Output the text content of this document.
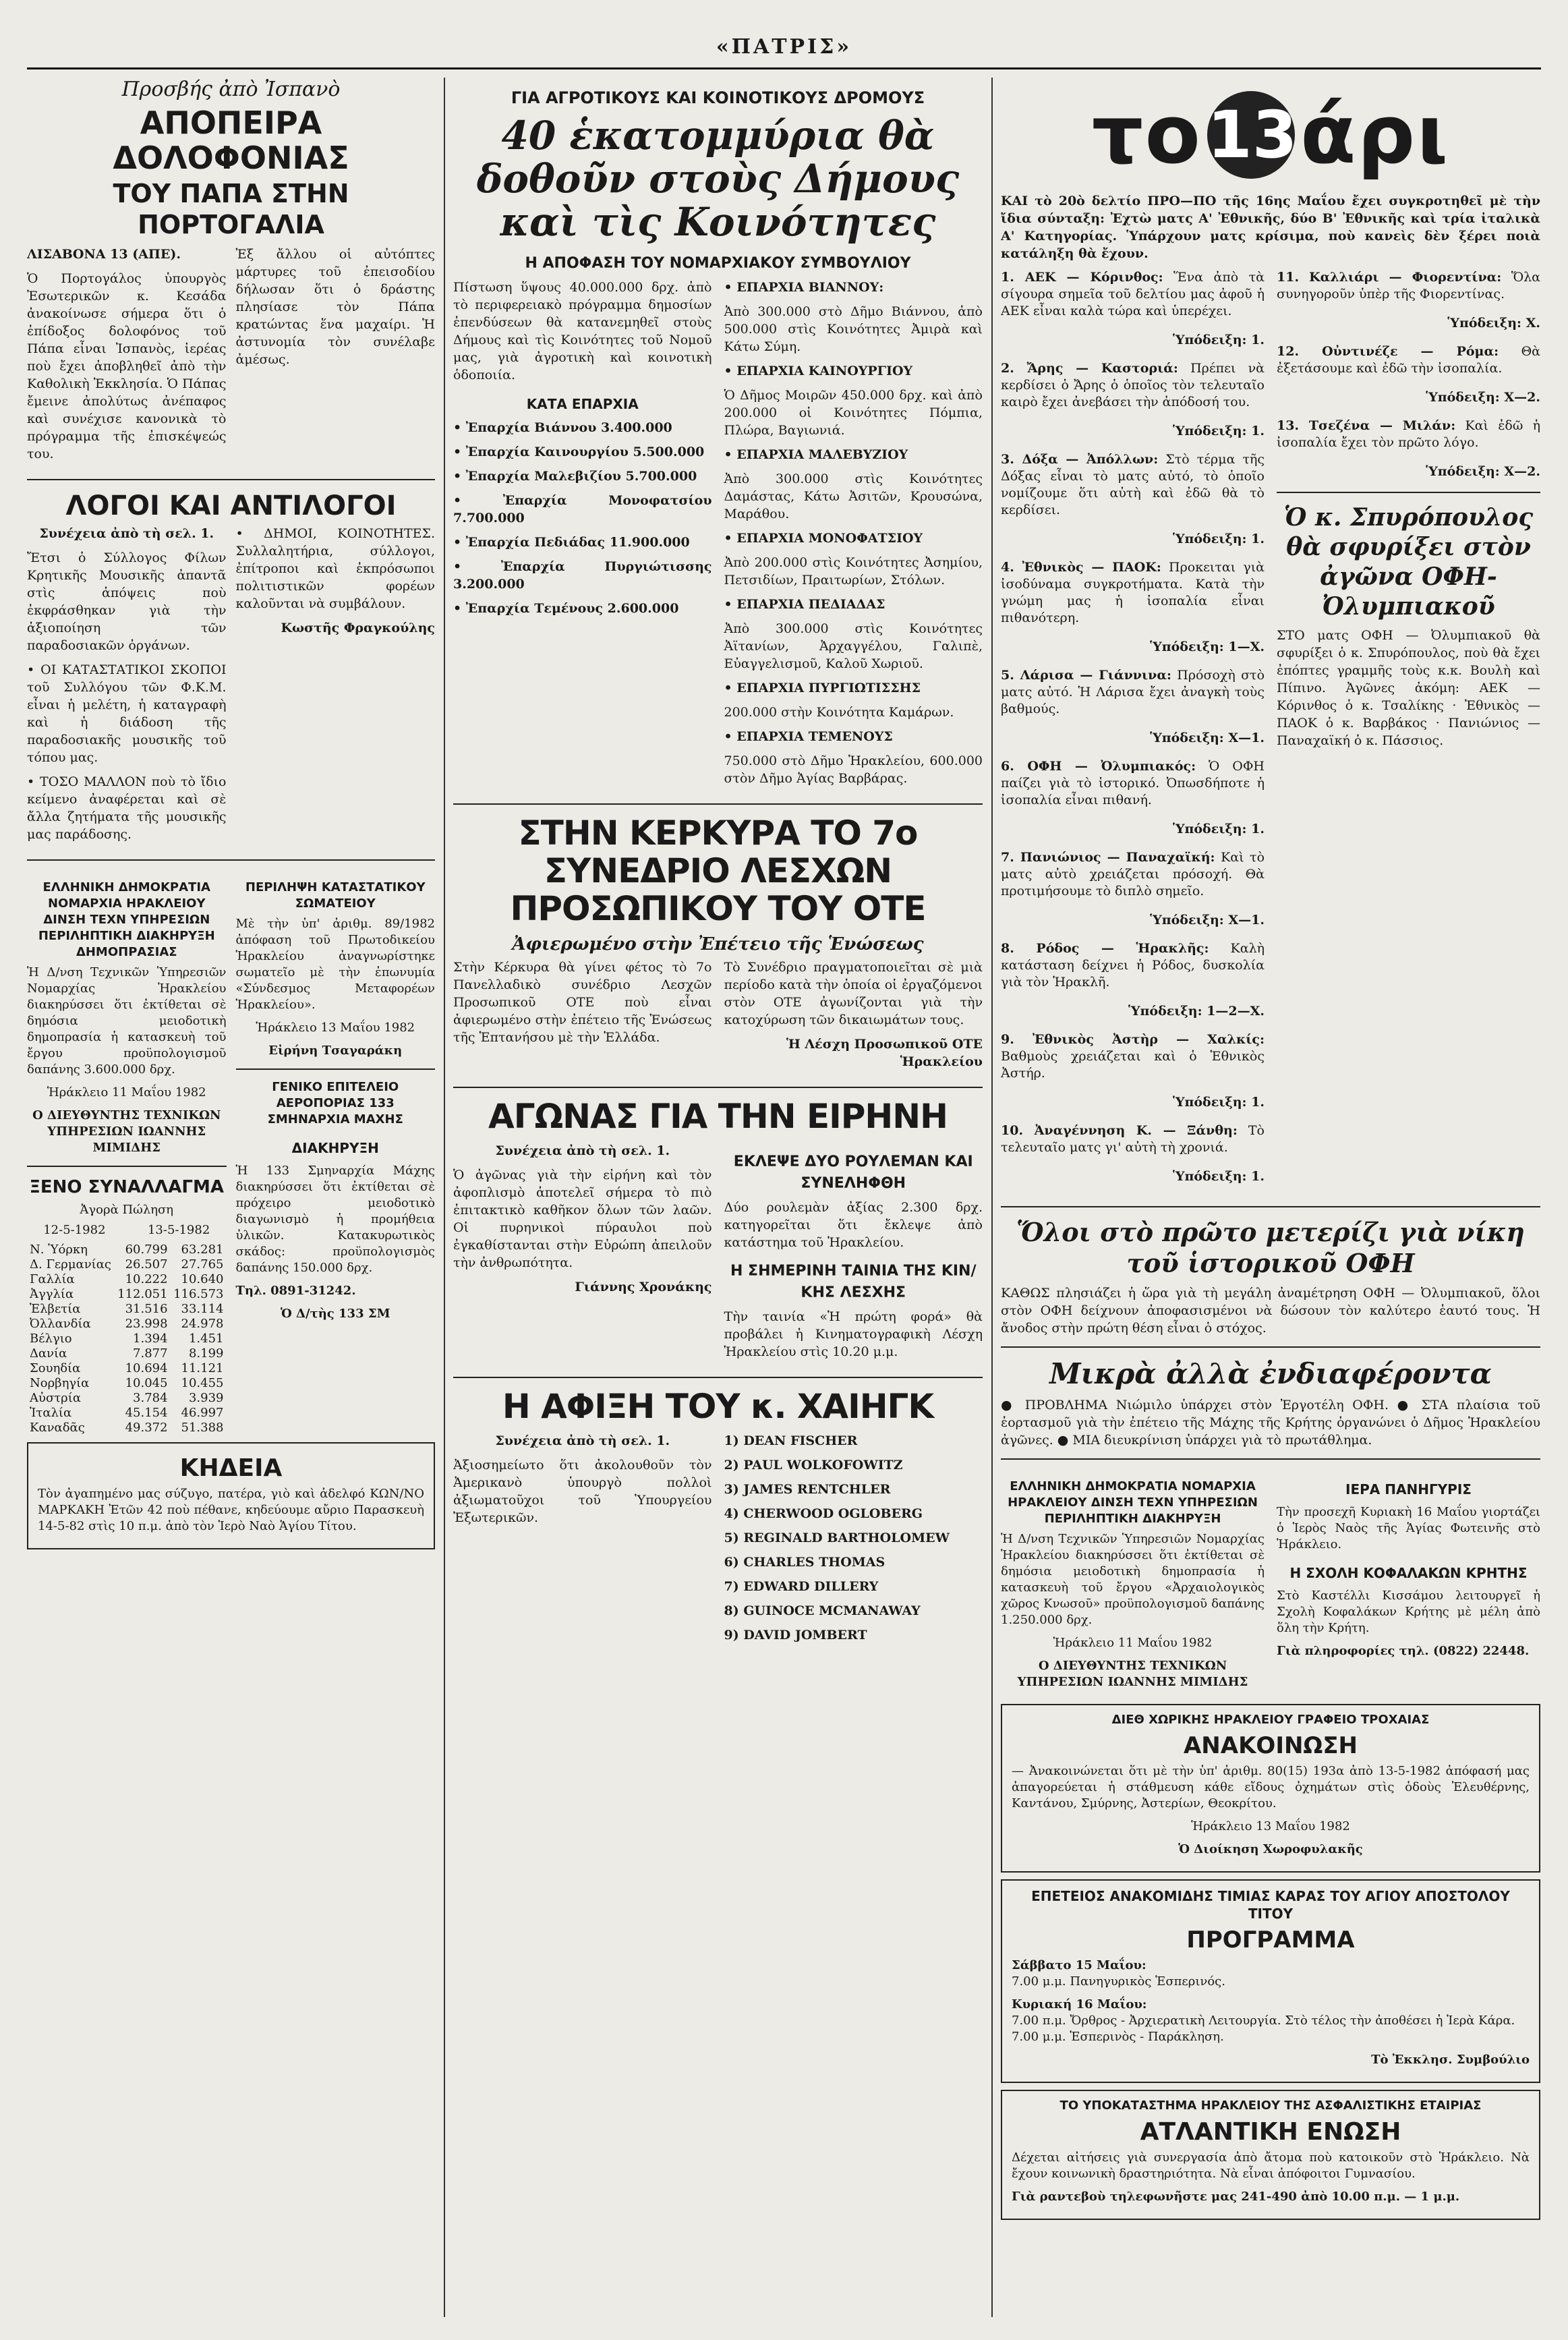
«ΠΑΤΡΙΣ»
Προσβής ἀπὸ Ἰσπανὸ
ΑΠΟΠΕΙΡΑ ΔΟΛΟΦΟΝΙΑΣ
ΤΟΥ ΠΑΠΑ ΣΤΗΝ ΠΟΡΤΟΓΑΛΙΑ

ΛΙΣΑΒΟΝΑ 13 (ΑΠΕ).

Ὁ Πορτογάλος ὑπουργὸς Ἐσωτερικῶν κ. Κεσάδα ἀνακοίνωσε σήμερα ὅτι ὁ ἐπίδοξος δολοφόνος τοῦ Πάπα εἶναι Ἰσπανὸς, ἰερέας ποὺ ἔχει ἀποβληθεῖ ἀπὸ τὴν Καθολικὴ Ἐκκλησία. Ὁ Πάπας ἔμεινε ἀπολύτως ἀνέπαφος καὶ συνέχισε κανονικὰ τὸ πρόγραμμα τῆς ἐπισκέψεώς του.

Ἐξ ἄλλου οἱ αὐτόπτες μάρτυρες τοῦ ἐπεισοδίου δήλωσαν ὅτι ὁ δράστης πλησίασε τὸν Πάπα κρατώντας ἕνα μαχαίρι. Ἡ ἀστυνομία τὸν συνέλαβε ἀμέσως.

ΛΟΓΟΙ ΚΑΙ ΑΝΤΙΛΟΓΟΙ

Συνέχεια ἀπὸ τὴ σελ. 1.

Ἔτσι ὁ Σύλλογος Φίλων Κρητικῆς Μουσικῆς ἀπαντᾶ στὶς ἀπόψεις ποὺ ἐκφράσθηκαν γιὰ τὴν ἀξιοποίηση τῶν παραδοσιακῶν ὀργάνων.

• ΟΙ ΚΑΤΑΣΤΑΤΙΚΟΙ ΣΚΟΠΟΙ τοῦ Συλλόγου τῶν Φ.Κ.Μ. εἶναι ἡ μελέτη, ἡ καταγραφὴ καὶ ἡ διάδοση τῆς παραδοσιακῆς μουσικῆς τοῦ τόπου μας.

• ΤΟΣΟ ΜΑΛΛΟΝ ποὺ τὸ ἴδιο κείμενο ἀναφέρεται καὶ σὲ ἄλλα ζητήματα τῆς μουσικῆς μας παράδοσης.

• ΔΗΜΟΙ, ΚΟΙΝΟΤΗΤΕΣ. Συλλαλητήρια, σύλλογοι, ἐπίτροποι καὶ ἐκπρόσωποι πολιτιστικῶν φορέων καλοῦνται νὰ συμβάλουν.

Κωστῆς Φραγκούλης

ΕΛΛΗΝΙΚΗ ΔΗΜΟΚΡΑΤΙΑ ΝΟΜΑΡΧΙΑ ΗΡΑΚΛΕΙΟΥ ΔΙΝΣΗ ΤΕΧΝ ΥΠΗΡΕΣΙΩΝ ΠΕΡΙΛΗΠΤΙΚΗ ΔΙΑΚΗΡΥΞΗ ΔΗΜΟΠΡΑΣΙΑΣ

Ἡ Δ/νση Τεχνικῶν Ὑπηρεσιῶν Νομαρχίας Ἡρακλείου διακηρύσσει ὅτι ἐκτίθεται σὲ δημόσια μειοδοτικὴ δημοπρασία ἡ κατασκευὴ τοῦ ἔργου προϋπολογισμοῦ δαπάνης 3.600.000 δρχ.

Ἡράκλειο 11 Μαΐου 1982

Ο ΔΙΕΥΘΥΝΤΗΣ ΤΕΧΝΙΚΩΝ ΥΠΗΡΕΣΙΩΝ ΙΩΑΝΝΗΣ ΜΙΜΙΔΗΣ

ΞΕΝΟ ΣΥΝΑΛΛΑΓΜΑ
Ἀγορὰ Πώληση
12-5-1982	13-5-1982
Ν. Ὑόρκη	60.799	63.281
Δ. Γερμανίας	26.507	27.765
Γαλλία	10.222	10.640
Ἀγγλία	112.051	116.573
Ἑλβετία	31.516	33.114
Ὀλλανδία	23.998	24.978
Βέλγιο	1.394	1.451
Δανία	7.877	8.199
Σουηδία	10.694	11.121
Νορβηγία	10.045	10.455
Αὐστρία	3.784	3.939
Ἰταλία	45.154	46.997
Καναδᾶς	49.372	51.388
ΠΕΡΙΛΗΨΗ ΚΑΤΑΣΤΑΤΙΚΟΥ ΣΩΜΑΤΕΙΟΥ

Μὲ τὴν ὑπ' ἀριθμ. 89/1982 ἀπόφαση τοῦ Πρωτοδικείου Ἡρακλείου ἀναγνωρίστηκε σωματεῖο μὲ τὴν ἐπωνυμία «Σύνδεσμος Μεταφορέων Ἡρακλείου».

Ἡράκλειο 13 Μαΐου 1982

Εἰρήνη Τσαγαράκη

ΓΕΝΙΚΟ ΕΠΙΤΕΛΕΙΟ ΑΕΡΟΠΟΡΙΑΣ 133 ΣΜΗΝΑΡΧΙΑ ΜΑΧΗΣ
ΔΙΑΚΗΡΥΞΗ

Ἡ 133 Σμηναρχία Μάχης διακηρύσσει ὅτι ἐκτίθεται σὲ πρόχειρο μειοδοτικὸ διαγωνισμὸ ἡ προμήθεια ὑλικῶν. Κατακυρωτικὸς σκάδος: προϋπολογισμὸς δαπάνης 150.000 δρχ.

Τηλ. 0891-31242.

Ὁ Δ/τὴς 133 ΣΜ

ΚΗΔΕΙΑ

Τὸν ἀγαπημένο μας σύζυγο, πατέρα, γιὸ καὶ ἀδελφό ΚΩΝ/ΝΟ ΜΑΡΚΑΚΗ Ἐτῶν 42 ποὺ πέθανε, κηδεύουμε αὔριο Παρασκευὴ 14-5-82 στὶς 10 π.μ. ἀπὸ τὸν Ἱερὸ Ναὸ Ἁγίου Τίτου.

ΓΙΑ ΑΓΡΟΤΙΚΟΥΣ ΚΑΙ ΚΟΙΝΟΤΙΚΟΥΣ ΔΡΟΜΟΥΣ
40 ἑκατομμύρια θὰ δοθοῦν στοὺς Δήμους καὶ τὶς Κοινότητες
Η ΑΠΟΦΑΣΗ ΤΟΥ ΝΟΜΑΡΧΙΑΚΟΥ ΣΥΜΒΟΥΛΙΟΥ

Πίστωση ὕψους 40.000.000 δρχ. ἀπὸ τὸ περιφερειακὸ πρόγραμμα δημοσίων ἐπενδύσεων θὰ κατανεμηθεῖ στοὺς Δήμους καὶ τὶς Κοινότητες τοῦ Νομοῦ μας, γιὰ ἀγροτικὴ καὶ κοινοτικὴ ὁδοποιία.

ΚΑΤΑ ΕΠΑΡΧΙΑ

• Ἐπαρχία Βιάννου 3.400.000

• Ἐπαρχία Καινουργίου 5.500.000

• Ἐπαρχία Μαλεβιζίου 5.700.000

• Ἐπαρχία Μονοφατσίου 7.700.000

• Ἐπαρχία Πεδιάδας 11.900.000

• Ἐπαρχία Πυργιώτισσης 3.200.000

• Ἐπαρχία Τεμένους 2.600.000

• ΕΠΑΡΧΙΑ ΒΙΑΝΝΟΥ:

Ἀπὸ 300.000 στὸ Δῆμο Βιάννου, ἀπὸ 500.000 στὶς Κοινότητες Ἀμιρὰ καὶ Κάτω Σύμη.

• ΕΠΑΡΧΙΑ ΚΑΙΝΟΥΡΓΙΟΥ

Ὁ Δῆμος Μοιρῶν 450.000 δρχ. καὶ ἀπὸ 200.000 οἱ Κοινότητες Πόμπια, Πλώρα, Βαγιωνιά.

• ΕΠΑΡΧΙΑ ΜΑΛΕΒΥΖΙΟΥ

Ἀπὸ 300.000 στὶς Κοινότητες Δαμάστας, Κάτω Ἀσιτῶν, Κρουσώνα, Μαράθου.

• ΕΠΑΡΧΙΑ ΜΟΝΟΦΑΤΣΙΟΥ

Ἀπὸ 200.000 στὶς Κοινότητες Ἀσημίου, Πετσιδίων, Πραιτωρίων, Στόλων.

• ΕΠΑΡΧΙΑ ΠΕΔΙΑΔΑΣ

Ἀπὸ 300.000 στὶς Κοινότητες Ἀϊτανίων, Ἀρχαγγέλου, Γαλιπὲ, Εὐαγγελισμοῦ, Καλοῦ Χωριοῦ.

• ΕΠΑΡΧΙΑ ΠΥΡΓΙΩΤΙΣΣΗΣ

200.000 στὴν Κοινότητα Καμάρων.

• ΕΠΑΡΧΙΑ ΤΕΜΕΝΟΥΣ

750.000 στὸ Δῆμο Ἡρακλείου, 600.000 στὸν Δῆμο Ἀγίας Βαρβάρας.

ΣΤΗΝ ΚΕΡΚΥΡΑ ΤΟ 7ο ΣΥΝΕΔΡΙΟ ΛΕΣΧΩΝ ΠΡΟΣΩΠΙΚΟΥ ΤΟΥ ΟΤΕ
Ἀφιερωμένο στὴν Ἐπέτειο τῆς Ἑνώσεως

Στὴν Κέρκυρα θὰ γίνει φέτος τὸ 7ο Πανελλαδικὸ συνέδριο Λεσχῶν Προσωπικοῦ ΟΤΕ ποὺ εἶναι ἀφιερωμένο στὴν ἐπέτειο τῆς Ἑνώσεως τῆς Ἑπτανήσου μὲ τὴν Ἑλλάδα.

Τὸ Συνέδριο πραγματοποιεῖται σὲ μιὰ περίοδο κατὰ τὴν ὁποία οἱ ἐργαζόμενοι στὸν ΟΤΕ ἀγωνίζονται γιὰ τὴν κατοχύρωση τῶν δικαιωμάτων τους.

Ἡ Λέσχη Προσωπικοῦ ΟΤΕ Ἡρακλείου

ΑΓΩΝΑΣ ΓΙΑ ΤΗΝ ΕΙΡΗΝΗ

Συνέχεια ἀπὸ τὴ σελ. 1.

Ὁ ἀγῶνας γιὰ τὴν εἰρήνη καὶ τὸν ἀφοπλισμὸ ἀποτελεῖ σήμερα τὸ πιὸ ἐπιτακτικὸ καθῆκον ὅλων τῶν λαῶν. Οἱ πυρηνικοὶ πύραυλοι ποὺ ἐγκαθίστανται στὴν Εὐρώπη ἀπειλοῦν τὴν ἀνθρωπότητα.

Γιάννης Χρονάκης

ΕΚΛΕΨΕ ΔΥΟ ΡΟΥΛΕΜΑΝ ΚΑΙ ΣΥΝΕΛΗΦΘΗ

Δύο ρουλεμὰν ἀξίας 2.300 δρχ. κατηγορεῖται ὅτι ἔκλεψε ἀπὸ κατάστημα τοῦ Ἡρακλείου.

Η ΣΗΜΕΡΙΝΗ ΤΑΙΝΙΑ ΤΗΣ ΚΙΝ/ΚΗΣ ΛΕΣΧΗΣ

Τὴν ταινία «Ἡ πρώτη φορά» θὰ προβάλει ἡ Κινηματογραφικὴ Λέσχη Ἡρακλείου στὶς 10.20 μ.μ.

Η ΑΦΙΞΗ ΤΟΥ κ. ΧΑΙΗΓΚ

Συνέχεια ἀπὸ τὴ σελ. 1.

Ἀξιοσημείωτο ὅτι ἀκολουθοῦν τὸν Ἀμερικανὸ ὑπουργὸ πολλοὶ ἀξιωματοῦχοι τοῦ Ὑπουργείου Ἐξωτερικῶν.

1) DEAN FISCHER

2) PAUL WOLKOFOWITZ

3) JAMES RENTCHLER

4) CHERWOOD OGLOBERG

5) REGINALD BARTHOLOMEW

6) CHARLES THOMAS

7) EDWARD DILLERY

8) GUINOCE MCMANAWAY

9) DAVID JOMBERT

το 13 άρι

ΚΑΙ τὸ 20ὸ δελτίο ΠΡΟ—ΠΟ τῆς 16ης Μαΐου ἔχει συγκροτηθεῖ μὲ τὴν ἴδια σύνταξη: Ἐχτὼ ματς Α' Ἐθνικῆς, δύο Β' Ἐθνικῆς καὶ τρία ἰταλικὰ Α' Κατηγορίας. Ὑπάρχουν ματς κρίσιμα, ποὺ κανεὶς δὲν ξέρει ποιὰ κατάληξη θὰ ἔχουν.

1. ΑΕΚ — Κόρινθος: Ἕνα ἀπὸ τὰ σίγουρα σημεῖα τοῦ δελτίου μας ἀφοῦ ἡ ΑΕΚ εἶναι καλὰ τώρα καὶ ὑπερέχει.

Ὑπόδειξη: 1.

2. Ἄρης — Καστοριά: Πρέπει νὰ κερδίσει ὁ Ἄρης ὁ ὁποῖος τὸν τελευταῖο καιρὸ ἔχει ἀνεβάσει τὴν ἀπόδοσή του.

Ὑπόδειξη: 1.

3. Δόξα — Ἀπόλλων: Στὸ τέρμα τῆς Δόξας εἶναι τὸ ματς αὐτό, τὸ ὁποῖο νομίζουμε ὅτι αὐτὴ καὶ ἐδῶ θὰ τὸ κερδίσει.

Ὑπόδειξη: 1.

4. Ἐθνικὸς — ΠΑΟΚ: Προκειται γιὰ ἰσοδύναμα συγκροτήματα. Κατὰ τὴν γνώμη μας ἡ ἰσοπαλία εἶναι πιθανότερη.

Ὑπόδειξη: 1—Χ.

5. Λάρισα — Γιάννινα: Πρόσοχὴ στὸ ματς αὐτό. Ἡ Λάρισα ἔχει ἀναγκὴ τοὺς βαθμούς.

Ὑπόδειξη: Χ—1.

6. ΟΦΗ — Ὀλυμπιακός: Ὁ ΟΦΗ παίζει γιὰ τὸ ἱστορικό. Ὀπωσδήποτε ἡ ἰσοπαλία εἶναι πιθανή.

Ὑπόδειξη: 1.

7. Πανιώνιος — Παναχαϊκή: Καὶ τὸ ματς αὐτὸ χρειάζεται πρόσοχή. Θὰ προτιμήσουμε τὸ διπλὸ σημεῖο.

Ὑπόδειξη: Χ—1.

8. Ρόδος — Ἡρακλῆς: Καλὴ κατάσταση δείχνει ἡ Ρόδος, δυσκολία γιὰ τὸν Ἡρακλῆ.

Ὑπόδειξη: 1—2—Χ.

9. Ἐθνικὸς Ἀστὴρ — Χαλκίς: Βαθμοὺς χρειάζεται καὶ ὁ Ἐθνικὸς Ἀστήρ.

Ὑπόδειξη: 1.

10. Ἀναγέννηση Κ. — Ξάνθη: Τὸ τελευταῖο ματς γι' αὐτὴ τὴ χρονιά.

Ὑπόδειξη: 1.

11. Καλλιάρι — Φιορεντίνα: Ὅλα συνηγοροῦν ὑπὲρ τῆς Φιορεντίνας.

Ὑπόδειξη: Χ.

12. Οὐντινέζε — Ρόμα: Θὰ ἐξετάσουμε καὶ ἐδῶ τὴν ἰσοπαλία.

Ὑπόδειξη: Χ—2.

13. Τσεζένα — Μιλάν: Καὶ ἐδῶ ἡ ἰσοπαλία ἔχει τὸν πρῶτο λόγο.

Ὑπόδειξη: Χ—2.

Ὁ κ. Σπυρόπουλος θὰ σφυρίξει στὸν ἀγῶνα ΟΦΗ-Ὀλυμπιακοῦ

ΣΤΟ ματς ΟΦΗ — Ὀλυμπιακοῦ θὰ σφυρίξει ὁ κ. Σπυρόπουλος, ποὺ θὰ ἔχει ἐπόπτες γραμμῆς τοὺς κ.κ. Βουλὴ καὶ Πίπινο. Ἀγῶνες ἀκόμη: ΑΕΚ — Κόρινθος ὁ κ. Τσαλίκης · Ἐθνικὸς — ΠΑΟΚ ὁ κ. Βαρβάκος · Πανιώνιος — Παναχαϊκή ὁ κ. Πάσσιος.

Ὅλοι στὸ πρῶτο μετερίζι γιὰ νίκη τοῦ ἱστορικοῦ ΟΦΗ

ΚΑΘΩΣ πλησιάζει ἡ ὥρα γιὰ τὴ μεγάλη ἀναμέτρηση ΟΦΗ — Ὀλυμπιακοῦ, ὅλοι στὸν ΟΦΗ δείχνουν ἀποφασισμένοι νὰ δώσουν τὸν καλύτερο ἑαυτό τους. Ἡ ἄνοδος στὴν πρώτη θέση εἶναι ὁ στόχος.

Μικρὰ ἀλλὰ ἐνδιαφέροντα

● ΠΡΟΒΛΗΜΑ Νιώμιλο ὑπάρχει στὸν Ἐργοτέλη ΟΦΗ. ● ΣΤΑ πλαίσια τοῦ ἐορτασμοῦ γιὰ τὴν ἐπέτειο τῆς Μάχης τῆς Κρήτης ὀργανώνει ὁ Δῆμος Ἡρακλείου ἀγῶνες. ● ΜΙΑ διευκρίνιση ὑπάρχει γιὰ τὸ πρωτάθλημα.

ΕΛΛΗΝΙΚΗ ΔΗΜΟΚΡΑΤΙΑ ΝΟΜΑΡΧΙΑ ΗΡΑΚΛΕΙΟΥ ΔΙΝΣΗ ΤΕΧΝ ΥΠΗΡΕΣΙΩΝ ΠΕΡΙΛΗΠΤΙΚΗ ΔΙΑΚΗΡΥΞΗ

Ἡ Δ/νση Τεχνικῶν Ὑπηρεσιῶν Νομαρχίας Ἡρακλείου διακηρύσσει ὅτι ἐκτίθεται σὲ δημόσια μειοδοτικὴ δημοπρασία ἡ κατασκευὴ τοῦ ἔργου «Ἀρχαιολογικὸς χῶρος Κνωσοῦ» προϋπολογισμοῦ δαπάνης 1.250.000 δρχ.

Ἡράκλειο 11 Μαΐου 1982

Ο ΔΙΕΥΘΥΝΤΗΣ ΤΕΧΝΙΚΩΝ ΥΠΗΡΕΣΙΩΝ ΙΩΑΝΝΗΣ ΜΙΜΙΔΗΣ

ΙΕΡΑ ΠΑΝΗΓΥΡΙΣ

Τὴν προσεχῆ Κυριακὴ 16 Μαΐου γιορτάζει ὁ Ἱερὸς Ναὸς τῆς Ἁγίας Φωτεινῆς στὸ Ἡράκλειο.

Η ΣΧΟΛΗ ΚΟΦΑΛΑΚΩΝ ΚΡΗΤΗΣ

Στὸ Καστέλλι Κισσάμου λειτουργεῖ ἡ Σχολὴ Κοφαλάκων Κρήτης μὲ μέλη ἀπὸ ὅλη τὴν Κρήτη.

Γιὰ πληροφορίες τηλ. (0822) 22448.

ΔΙΕΘ ΧΩΡΙΚΗΣ ΗΡΑΚΛΕΙΟΥ ΓΡΑΦΕΙΟ ΤΡΟΧΑΙΑΣ
ΑΝΑΚΟΙΝΩΣΗ

— Ἀνακοινώνεται ὅτι μὲ τὴν ὑπ' ἀριθμ. 80(15) 193α ἀπὸ 13-5-1982 ἀπόφασή μας ἀπαγορεύεται ἡ στάθμευση κάθε εἴδους ὀχημάτων στὶς ὁδοὺς Ἐλευθέρνης, Καντάνου, Σμύρνης, Ἀστερίων, Θεοκρίτου.

Ἡράκλειο 13 Μαΐου 1982

Ὁ Διοίκηση Χωροφυλακῆς

ΕΠΕΤΕΙΟΣ ΑΝΑΚΟΜΙΔΗΣ ΤΙΜΙΑΣ ΚΑΡΑΣ ΤΟΥ ΑΓΙΟΥ ΑΠΟΣΤΟΛΟΥ ΤΙΤΟΥ
ΠΡΟΓΡΑΜΜΑ

Σάββατο 15 Μαΐου:

7.00 μ.μ. Πανηγυρικὸς Ἑσπερινός.

Κυριακή 16 Μαΐου:

7.00 π.μ. Ὄρθρος - Ἀρχιερατικὴ Λειτουργία. Στὸ τέλος τὴν ἀποθέσει ἡ Ἱερὰ Κάρα.

7.00 μ.μ. Ἑσπερινὸς - Παράκληση.

Τὸ Ἐκκλησ. Συμβούλιο

ΤΟ ΥΠΟΚΑΤΑΣΤΗΜΑ ΗΡΑΚΛΕΙΟΥ ΤΗΣ ΑΣΦΑΛΙΣΤΙΚΗΣ ΕΤΑΙΡΙΑΣ
ΑΤΛΑΝΤΙΚΗ ΕΝΩΣΗ

Δέχεται αἰτήσεις γιὰ συνεργασία ἀπὸ ἄτομα ποὺ κατοικοῦν στὸ Ἡράκλειο. Νὰ ἔχουν κοινωνικὴ δραστηριότητα. Νὰ εἶναι ἀπόφοιτοι Γυμνασίου.

Γιὰ ραντεβοὺ τηλεφωνῆστε μας 241-490 ἀπὸ 10.00 π.μ. — 1 μ.μ.
